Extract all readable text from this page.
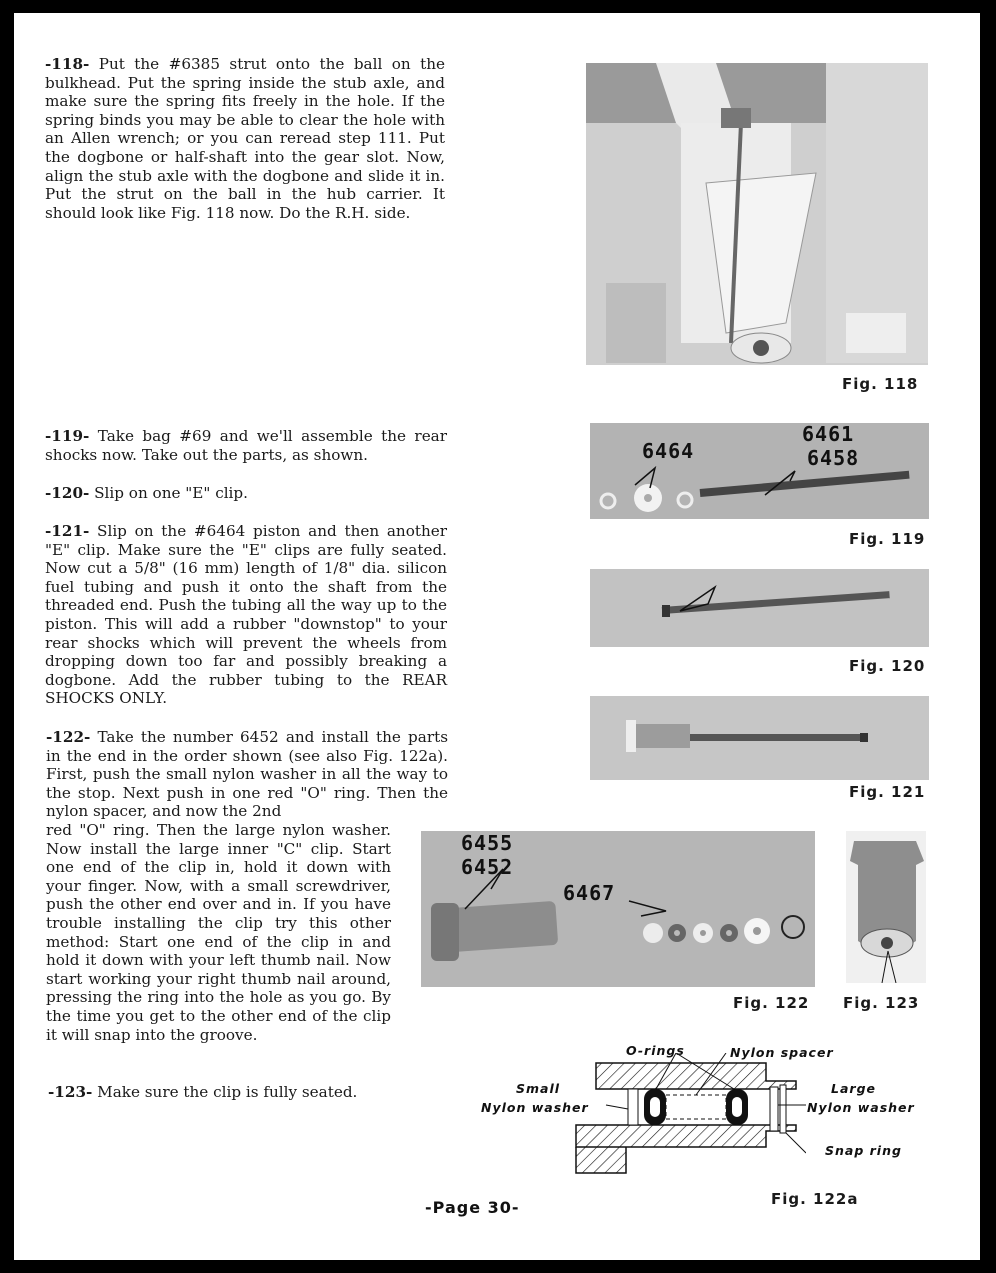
-118- Put the #6385 strut onto the ball on the bulkhead. Put the spring inside the stub axle, and make sure the spring fits freely in the hole. If the spring binds you may be able to clear the hole with an Allen wrench; or you can reread step 111. Put the dogbone or half-shaft into the gear slot. Now, align the stub axle with the dogbone and slide it in. Put the strut on the ball in the hub carrier. It should look like Fig. 118 now. Do the R.H. side.

Fig. 118

-119- Take bag #69 and we'll assemble the rear shocks now. Take out the parts, as shown.

-120- Slip on one "E" clip.

-121- Slip on the #6464 piston and then another "E" clip. Make sure the "E" clips are fully seated. Now cut a 5/8" (16 mm) length of 1/8" dia. silicon fuel tubing and push it onto the shaft from the threaded end. Push the tubing all the way up to the piston. This will add a rubber "downstop" to your rear shocks which will prevent the wheels from dropping down too far and possibly breaking a dogbone. Add the rubber tubing to the REAR SHOCKS ONLY.

6464
6461
6458
Fig. 119
Fig. 120
Fig. 121

-122- Take the number 6452 and install the parts in the end in the order shown (see also Fig. 122a). First, push the small nylon washer in all the way to the stop. Next push in one red "O" ring. Then the nylon spacer, and now the 2nd

red "O" ring. Then the large nylon washer. Now install the large inner "C" clip. Start one end of the clip in, hold it down with your finger. Now, with a small screwdriver, push the other end over and in. If you have trouble installing the clip try this other method: Start one end of the clip in and hold it down with your left thumb nail. Now start working your right thumb nail around, pressing the ring into the hole as you go. By the time you get to the other end of the clip it will snap into the groove.

6455
6452
6467
Fig. 122 Fig. 123

-123- Make sure the clip is fully seated.

O-rings	Nylon spacer
Small
Nylon washer
Large
Nylon washer
Snap ring
Fig. 122a
-Page 30-
